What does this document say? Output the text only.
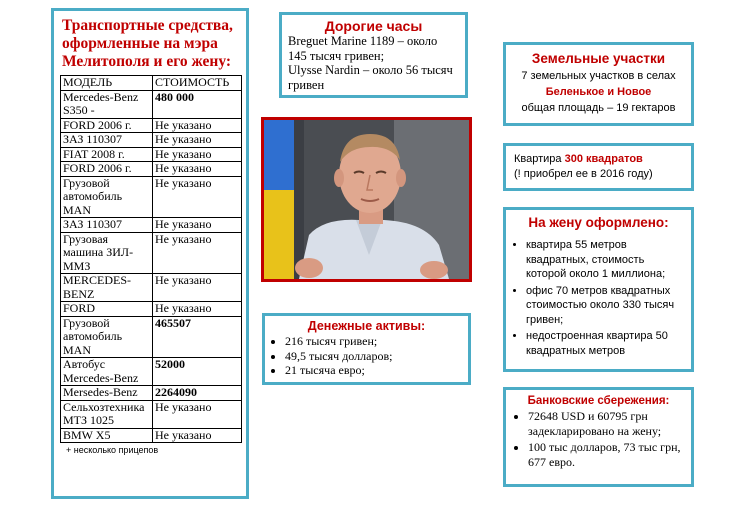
Транспортные средства, оформленные на мэра Мелитополя и его жену:
МОДЕЛЬ	СТОИМОСТЬ
Mercedes-Benz S350 -	480 000
FORD 2006 г.	Не указано
ЗАЗ 110307	Не указано
FIAT 2008 г.	Не указано
FORD 2006 г.	Не указано
Грузовой автомобиль MAN	Не указано
ЗАЗ 110307	Не указано
Грузовая машина ЗИЛ-ММЗ	Не указано
MERCEDES-BENZ	Не указано
FORD	Не указано
Грузовой автомобиль MAN	465507
Автобус Mercedes-Benz	52000
Mersedes-Benz	2264090
Сельхозтехника МТЗ 1025	Не указано
BMW X5	Не указано
+ несколько прицепов
Дорогие часы
Breguet Marine 1189 – около 145 тысяч гривен;
Ulysse Nardin – около 56 тысяч гривен
Денежные активы:
• 216 тысяч гривен;
• 49,5 тысяч долларов;
• 21 тысяча евро;
Земельные участки
7 земельных участков в селах
Беленькое и Новое
общая площадь – 19 гектаров
Квартира 300 квадратов
(! приобрел ее в 2016 году)
На жену оформлено:
• квартира 55 метров квадратных, стоимость которой около 1 миллиона;
• офис 70 метров квадратных стоимостью около 330 тысяч гривен;
• недостроенная квартира 50 квадратных метров
Банковские сбережения:
• 72648 USD и 60795 грн задекларировано на жену;
• 100 тыс долларов, 73 тыс грн, 677 евро.
